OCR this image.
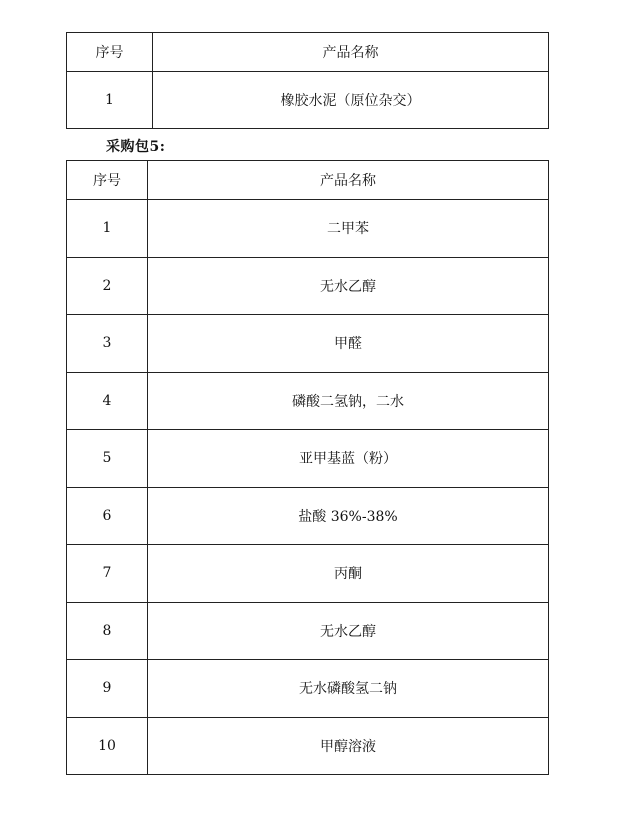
序号	产品名称
1	橡胶水泥（原位杂交）
采购包5:
序号	产品名称
1	二甲苯
2	无水乙醇
3	甲醛
4	磷酸二氢钠，二水
5	亚甲基蓝（粉）
6	盐酸 36%-38%
7	丙酮
8	无水乙醇
9	无水磷酸氢二钠
10	甲醇溶液
